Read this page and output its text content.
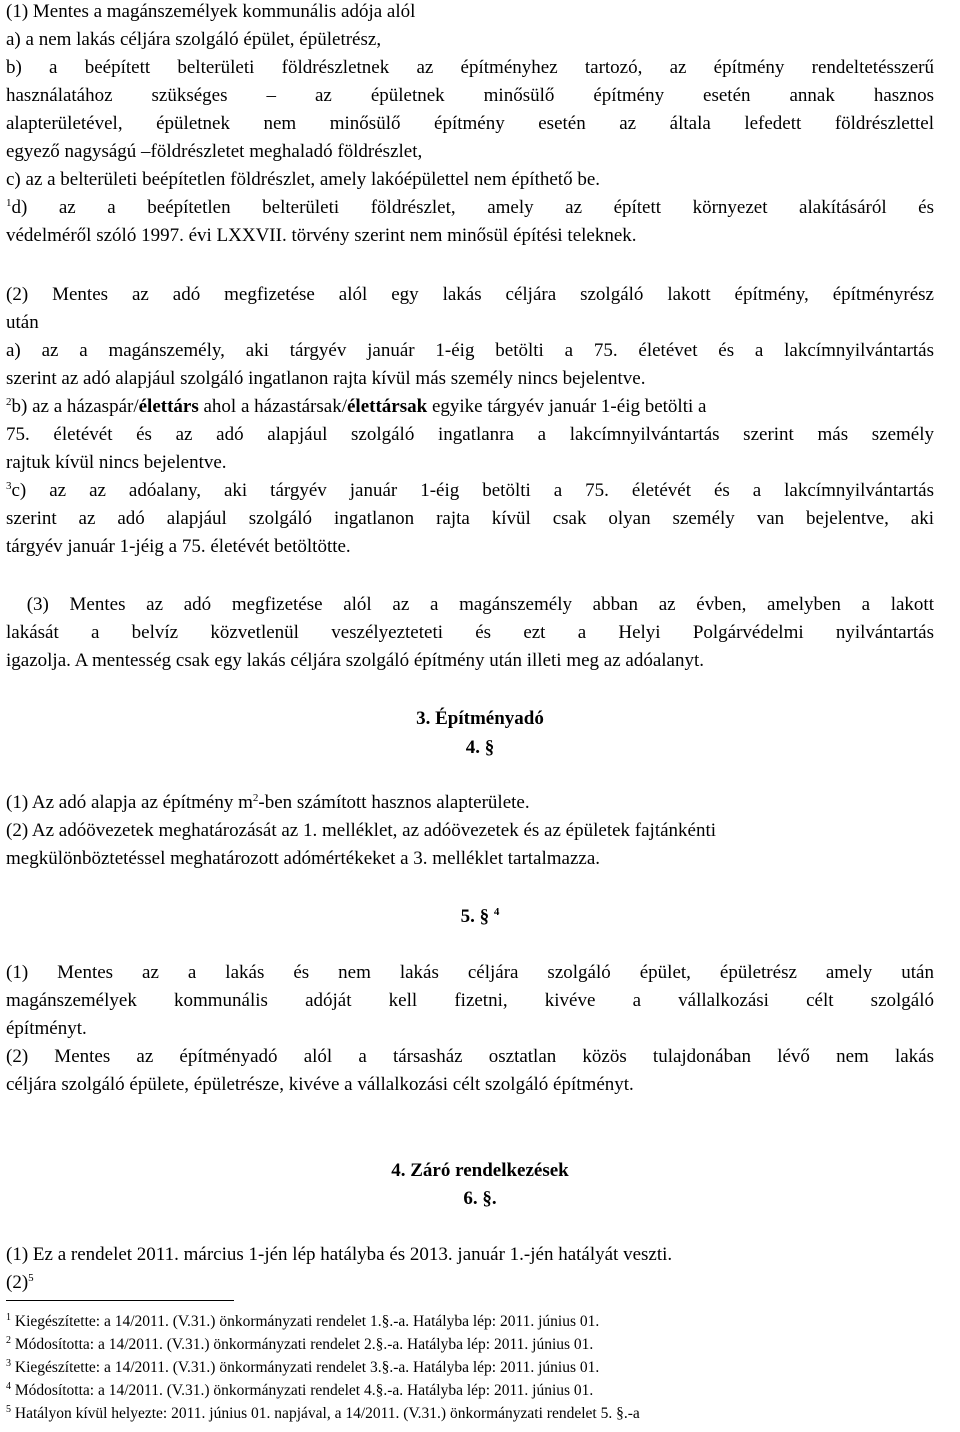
(1) Mentes a magánszemélyek kommunális adója alól
a) a nem lakás céljára szolgáló épület, épületrész,
b) a beépített belterületi földrészletnek az építményhez tartozó, az építmény rendeltetésszerű
használatához szükséges – az épületnek minősülő építmény esetén annak hasznos
alapterületével, épületnek nem minősülő építmény esetén az általa lefedett földrészlettel
egyező nagyságú –földrészletet meghaladó földrészlet,
c) az a belterületi beépítetlen földrészlet, amely lakóépülettel nem építhető be.
$^1$d) az a beépítetlen belterületi földrészlet, amely az épített környezet alakításáról és
védelméről szóló 1997. évi LXXVII. törvény szerint nem minősül építési teleknek.
(2) Mentes az adó megfizetése alól egy lakás céljára szolgáló lakott építmény, építményrész
után
a) az a magánszemély, aki tárgyév január 1-éig betölti a 75. életévet és a lakcímnyilvántartás
szerint az adó alapjául szolgáló ingatlanon rajta kívül más személy nincs bejelentve.
$^2$b) az a házaspár/élettárs ahol a házastársak/élettársak egyike tárgyév január 1-éig betölti a
75. életévét és az adó alapjául szolgáló ingatlanra a lakcímnyilvántartás szerint más személy
rajtuk kívül nincs bejelentve.
$^3$c) az az adóalany, aki tárgyév január 1-éig betölti a 75. életévét és a lakcímnyilvántartás
szerint az adó alapjául szolgáló ingatlanon rajta kívül csak olyan személy van bejelentve, aki
tárgyév január 1-jéig a 75. életévét betöltötte.
(3) Mentes az adó megfizetése alól az a magánszemély abban az évben, amelyben a lakott
lakását a belvíz közvetlenül veszélyezteteti és ezt a Helyi Polgárvédelmi nyilvántartás
igazolja. A mentesség csak egy lakás céljára szolgáló építmény után illeti meg az adóalanyt.
3. Építményadó
4. §
(1) Az adó alapja az építmény $m^2$-ben számított hasznos alapterülete.
(2) Az adóövezetek meghatározását az 1. melléklet, az adóövezetek és az épületek fajtánkénti
megkülönböztetéssel meghatározott adómértékeket a 3. melléklet tartalmazza.
5. § $^4$
(1) Mentes az a lakás és nem lakás céljára szolgáló épület, épületrész amely után
magánszemélyek kommunális adóját kell fizetni, kivéve a vállalkozási célt szolgáló
építményt.
(2) Mentes az építményadó alól a társasház osztatlan közös tulajdonában lévő nem lakás
céljára szolgáló épülete, épületrésze, kivéve a vállalkozási célt szolgáló építményt.
4. Záró rendelkezések
6. §.
(1) Ez a rendelet 2011. március 1-jén lép hatályba és 2013. január 1.-jén hatályát veszti.
$(2)^5$
$^1$ Kiegészítette: a 14/2011. (V.31.) önkormányzati rendelet 1.§.-a. Hatályba lép: 2011. június 01.
$^2$ Módosította: a 14/2011. (V.31.) önkormányzati rendelet 2.§.-a. Hatályba lép: 2011. június 01.
$^3$ Kiegészítette: a 14/2011. (V.31.) önkormányzati rendelet 3.§.-a. Hatályba lép: 2011. június 01.
$^4$ Módosította: a 14/2011. (V.31.) önkormányzati rendelet 4.§.-a. Hatályba lép: 2011. június 01.
$^5$ Hatályon kívül helyezte: 2011. június 01. napjával, a 14/2011. (V.31.) önkormányzati rendelet 5. §.-a
